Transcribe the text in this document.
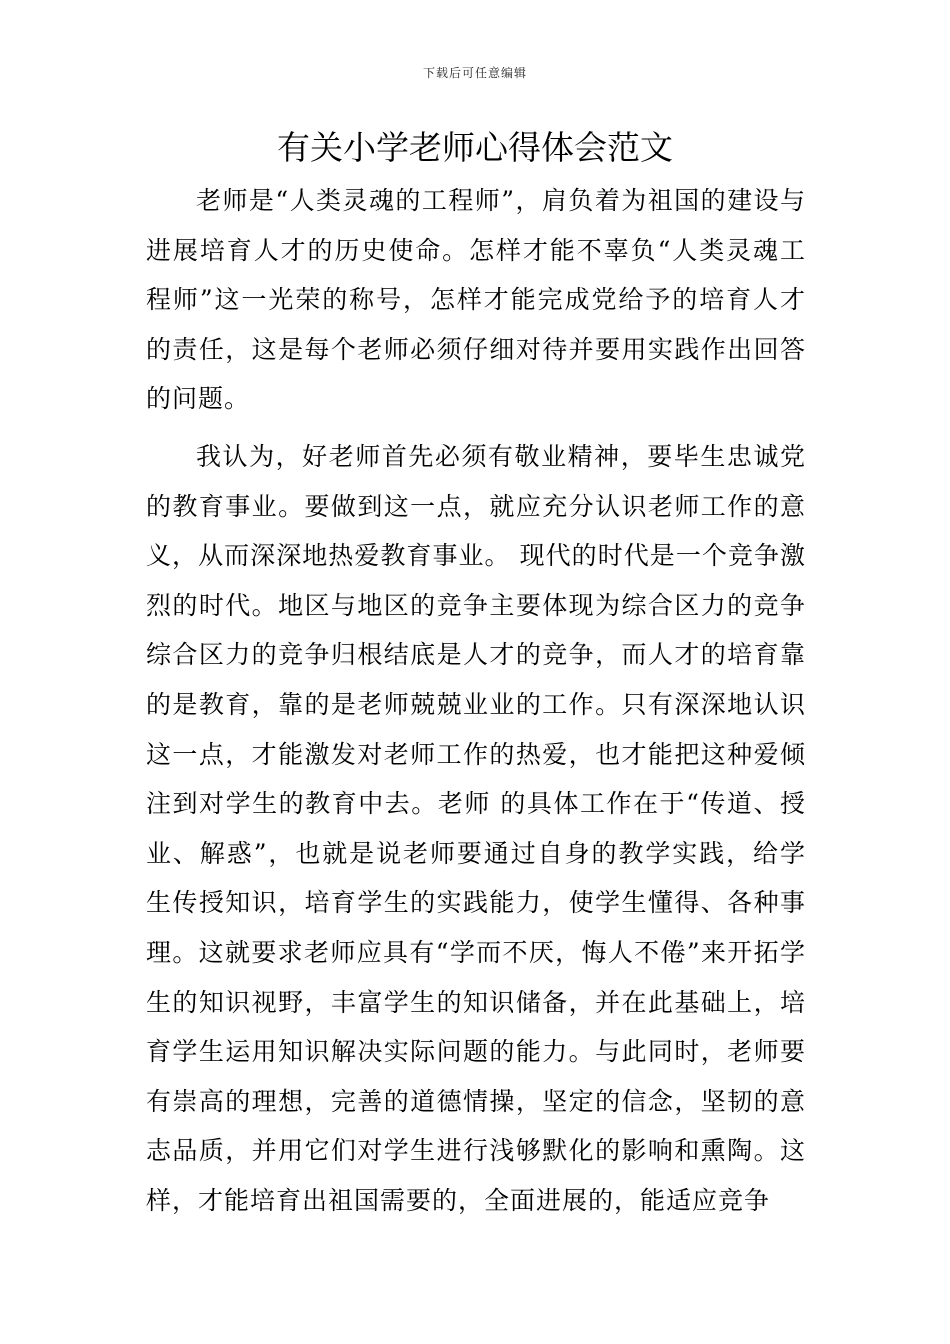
下载后可任意编辑
有关小学老师心得体会范文

老师是“人类灵魂的工程师”，肩负着为祖国的建设与进展培育人才的历史使命。怎样才能不辜负“人类灵魂工程师”这一光荣的称号，怎样才能完成党给予的培育人才的责任，这是每个老师必须仔细对待并要用实践作出回答的问题。

我认为，好老师首先必须有敬业精神，要毕生忠诚党的教育事业。要做到这一点，就应充分认识老师工作的意义，从而深深地热爱教育事业。 现代的时代是一个竞争激烈的时代。地区与地区的竞争主要体现为综合区力的竞争综合区力的竞争归根结底是人才的竞争，而人才的培育靠的是教育，靠的是老师兢兢业业的工作。只有深深地认识这一点，才能激发对老师工作的热爱，也才能把这种爱倾注到对学生的教育中去。老师 的具体工作在于“传道、授业、解惑”，也就是说老师要通过自身的教学实践，给学生传授知识，培育学生的实践能力，使学生懂得、各种事理。这就要求老师应具有“学而不厌，悔人不倦”来开拓学生的知识视野，丰富学生的知识储备，并在此基础上，培育学生运用知识解决实际问题的能力。与此同时，老师要有崇高的理想，完善的道德情操，坚定的信念，坚韧的意志品质，并用它们对学生进行浅够默化的影响和熏陶。这样，才能培育出祖国需要的，全面进展的，能适应竞争
